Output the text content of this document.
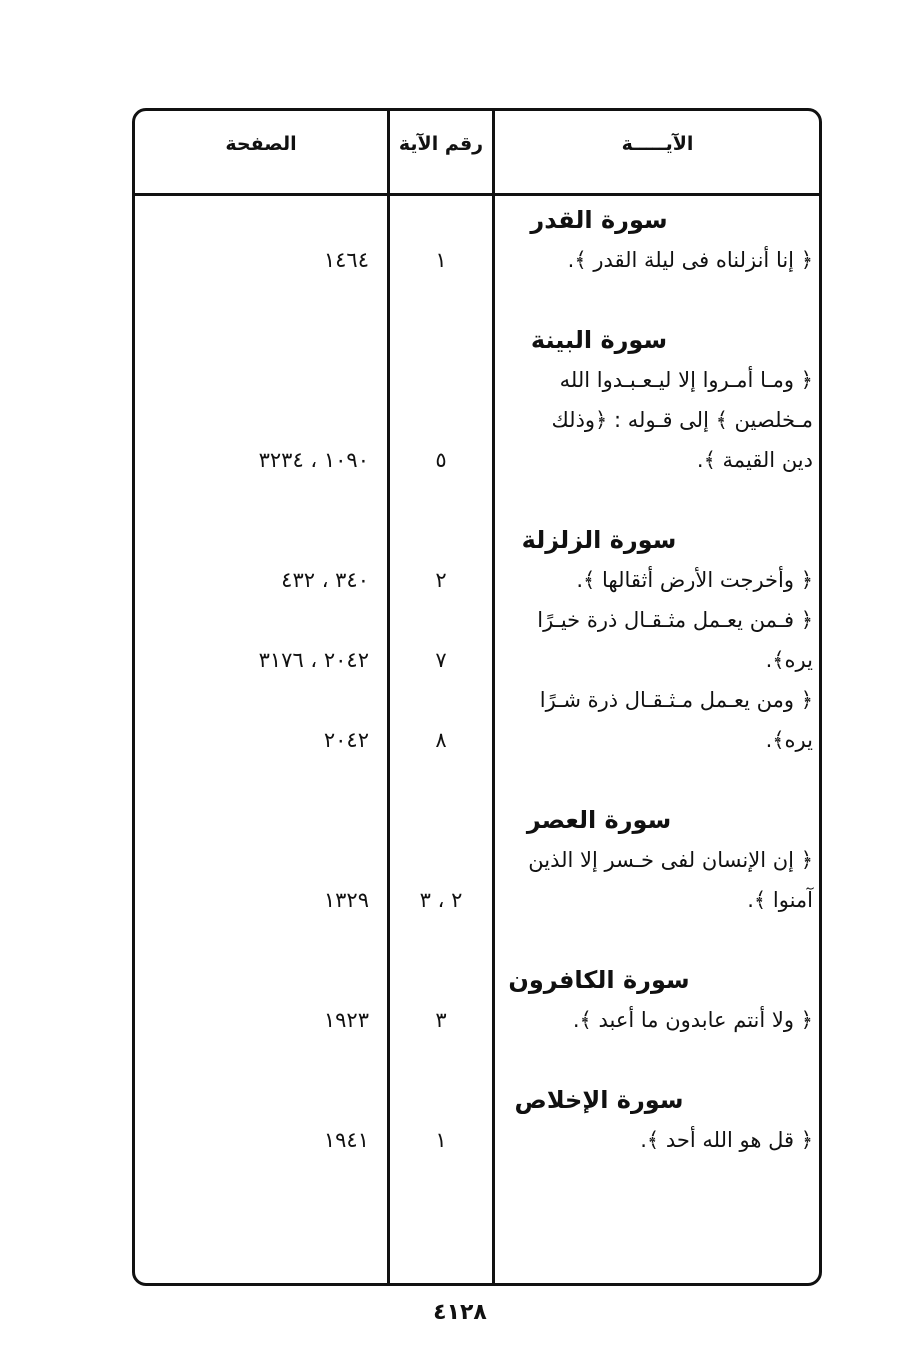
الآيـــــة
رقم الآية
الصفحة
سورة القدر
﴿ إنا أنزلناه فى ليلة القدر ﴾.
١
١٤٦٤
سورة البينة
﴿ ومـا أمـروا إلا ليـعـبـدوا الله
مـخلصين ﴾ إلى قـوله : ﴿وذلك
دين القيمة ﴾.
٥
١٠٩٠ ، ٣٢٣٤
سورة الزلزلة
﴿ وأخرجت الأرض أثقالها ﴾.
٢
٣٤٠ ، ٤٣٢
﴿ فـمن يعـمل مثـقـال ذرة خيـرًا
يره﴾.
٧
٢٠٤٢ ، ٣١٧٦
﴿ ومن يعـمل مـثـقـال ذرة شـرًا
يره﴾.
٨
٢٠٤٢
سورة العصر
﴿ إن الإنسان لفى خـسر إلا الذين
آمنوا ﴾.
٢ ، ٣
١٣٢٩
سورة الكافرون
﴿ ولا أنتم عابدون ما أعبد ﴾.
٣
١٩٢٣
سورة الإخلاص
﴿ قل هو الله أحد ﴾.
١
١٩٤١
٤١٢٨
